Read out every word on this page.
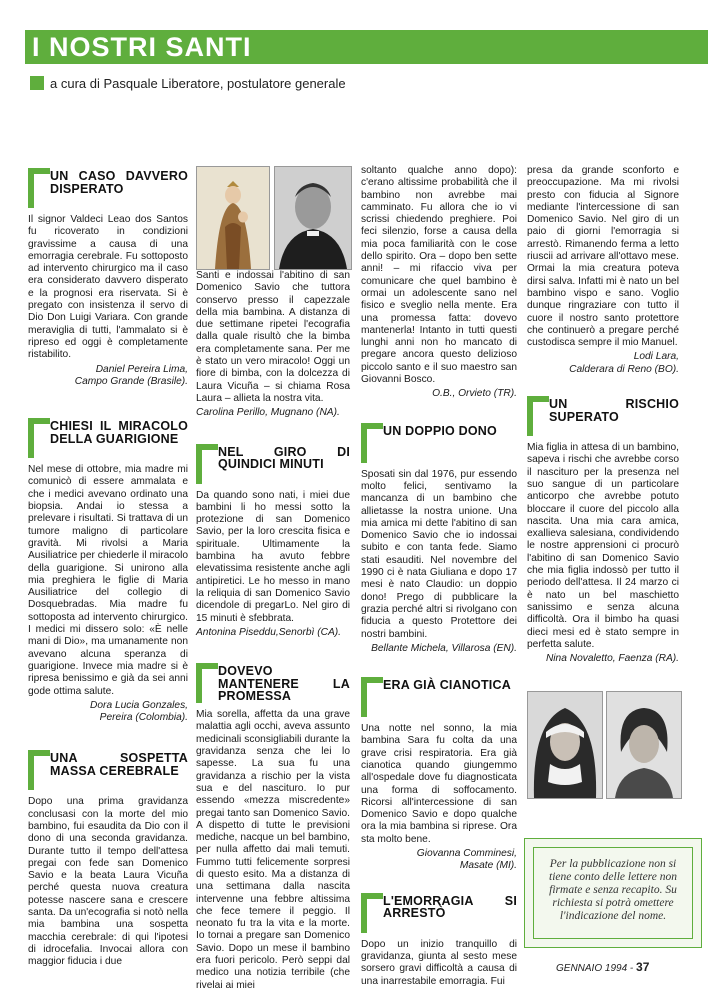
I NOSTRI SANTI
a cura di Pasquale Liberatore, postulatore generale
UN CASO DAVVERO DISPERATO

Il signor Valdeci Leao dos Santos fu ricoverato in condizioni gravissime a causa di una emorragia cerebrale. Fu sottoposto ad intervento chirurgico ma il caso era considerato davvero disperato e la prognosi era riservata. Si è pregato con insistenza il servo di Dio Don Luigi Variara. Con grande meraviglia di tutti, l'ammalato si è ripreso ed oggi è completamente ristabilito.

Daniel Pereira Lima,
Campo Grande (Brasile).
CHIESI IL MIRACOLO DELLA GUARIGIONE

Nel mese di ottobre, mia madre mi comunicò di essere ammalata e che i medici avevano ordinato una biopsia. Andai io stessa a prelevare i risultati. Si trattava di un tumore maligno di particolare gravità. Mi rivolsi a Maria Ausiliatrice per chiederle il miracolo della guarigione. Si unirono alla mia preghiera le figlie di Maria Ausiliatrice del collegio di Dosquebradas. Mia madre fu sottoposta ad intervento chirurgico. I medici mi dissero solo: «È nelle mani di Dio», ma umanamente non avevano alcuna speranza di guarigione. Invece mia madre si è ripresa benissimo e già da sei anni gode ottima salute.

Dora Lucia Gonzales,
Pereira (Colombia).
UNA SOSPETTA MASSA CEREBRALE

Dopo una prima gravidanza conclusasi con la morte del mio bambino, fui esaudita da Dio con il dono di una seconda gravidanza. Durante tutto il tempo dell'attesa pregai con fede san Domenico Savio e la beata Laura Vicuña perché questa nuova creatura potesse nascere sana e crescere santa. Da un'ecografia si notò nella mia bambina una sospetta macchia cerebrale: di qui l'ipotesi di idrocefalia. Invocai allora con maggior fiducia i due

Santi e indossai l'abitino di san Domenico Savio che tuttora conservo presso il capezzale della mia bambina. A distanza di due settimane ripetei l'ecografia dalla quale risultò che la bimba era completamente sana. Per me è stato un vero miracolo! Oggi un fiore di bimba, con la dolcezza di Laura Vicuña – si chiama Rosa Laura – allieta la nostra vita.

Carolina Perillo, Mugnano (NA).
NEL GIRO DI QUINDICI MINUTI

Da quando sono nati, i miei due bambini li ho messi sotto la protezione di san Domenico Savio, per la loro crescita fisica e spirituale. Ultimamente la bambina ha avuto febbre elevatissima resistente anche agli antipiretici. Le ho messo in mano la reliquia di san Domenico Savio dicendole di pregarLo. Nel giro di 15 minuti è sfebbrata.

Antonina Piseddu,Senorbì (CA).
DOVEVO MANTENERE LA PROMESSA

Mia sorella, affetta da una grave malattia agli occhi, aveva assunto medicinali sconsigliabili durante la gravidanza senza che lei lo sapesse. La sua fu una gravidanza a rischio per la vista sua e del nascituro. Io pur essendo «mezza miscredente» pregai tanto san Domenico Savio. A dispetto di tutte le previsioni mediche, nacque un bel bambino, per nulla affetto dai mali temuti. Fummo tutti felicemente sorpresi di questo esito. Ma a distanza di una settimana dalla nascita intervenne una febbre altissima che fece temere il peggio. Il neonato fu tra la vita e la morte. Io tornai a pregare san Domenico Savio. Dopo un mese il bambino era fuori pericolo. Però seppi dal medico una notizia terribile (che rivelai ai miei

soltanto qualche anno dopo): c'erano altissime probabilità che il bambino non avrebbe mai camminato. Fu allora che io vi scrissi chiedendo preghiere. Poi feci silenzio, forse a causa della mia poca familiarità con le cose dello spirito. Ora – dopo ben sette anni! – mi rifaccio viva per comunicare che quel bambino è ormai un adolescente sano nel fisico e sveglio nella mente. Era una promessa fatta: dovevo mantenerla! Intanto in tutti questi lunghi anni non ho mancato di pregare ancora questo delizioso piccolo santo e il suo maestro san Giovanni Bosco.

O.B., Orvieto (TR).
UN DOPPIO DONO

Sposati sin dal 1976, pur essendo molto felici, sentivamo la mancanza di un bambino che allietasse la nostra unione. Una mia amica mi dette l'abitino di san Domenico Savio che io indossai subito e con tanta fede. Siamo stati esauditi. Nel novembre del 1990 ci è nata Giuliana e dopo 17 mesi è nato Claudio: un doppio dono! Prego di pubblicare la grazia perché altri si rivolgano con fiducia a questo Protettore dei nostri bambini.

Bellante Michela, Villarosa (EN).
ERA GIÀ CIANOTICA

Una notte nel sonno, la mia bambina Sara fu colta da una grave crisi respiratoria. Era già cianotica quando giungemmo all'ospedale dove fu diagnosticata una forma di soffocamento. Ricorsi all'intercessione di san Domenico Savio e dopo qualche ora la mia bambina si riprese. Ora sta molto bene.

Giovanna Comminesi,
Masate (MI).
L'EMORRAGIA SI ARRESTÒ

Dopo un inizio tranquillo di gravidanza, giunta al sesto mese sorsero gravi difficoltà a causa di una inarrestabile emorragia. Fui

presa da grande sconforto e preoccupazione. Ma mi rivolsi presto con fiducia al Signore mediante l'intercessione di san Domenico Savio. Nel giro di un paio di giorni l'emorragia si arrestò. Rimanendo ferma a letto riuscii ad arrivare all'ottavo mese. Ormai la mia creatura poteva dirsi salva. Infatti mi è nato un bel bambino vispo e sano. Voglio dunque ringraziare con tutto il cuore il nostro santo protettore che continuerò a pregare perché custodisca sempre il mio Manuel.

Lodi Lara,
Calderara di Reno (BO).
UN RISCHIO SUPERATO

Mia figlia in attesa di un bambino, sapeva i rischi che avrebbe corso il nascituro per la presenza nel suo sangue di un particolare anticorpo che avrebbe potuto bloccare il cuore del piccolo alla nascita. Una mia cara amica, exallieva salesiana, condividendo le nostre apprensioni ci procurò l'abitino di san Domenico Savio che mia figlia indossò per tutto il periodo dell'attesa. Il 24 marzo ci è nato un bel maschietto sanissimo e senza alcuna difficoltà. Ora il bimbo ha quasi dieci mesi ed è stato sempre in perfetta salute.

Nina Novaletto, Faenza (RA).
Per la pubblicazione non si tiene conto delle lettere non firmate e senza recapito. Su richiesta si potrà omettere l'indicazione del nome.
GENNAIO 1994 - 37
